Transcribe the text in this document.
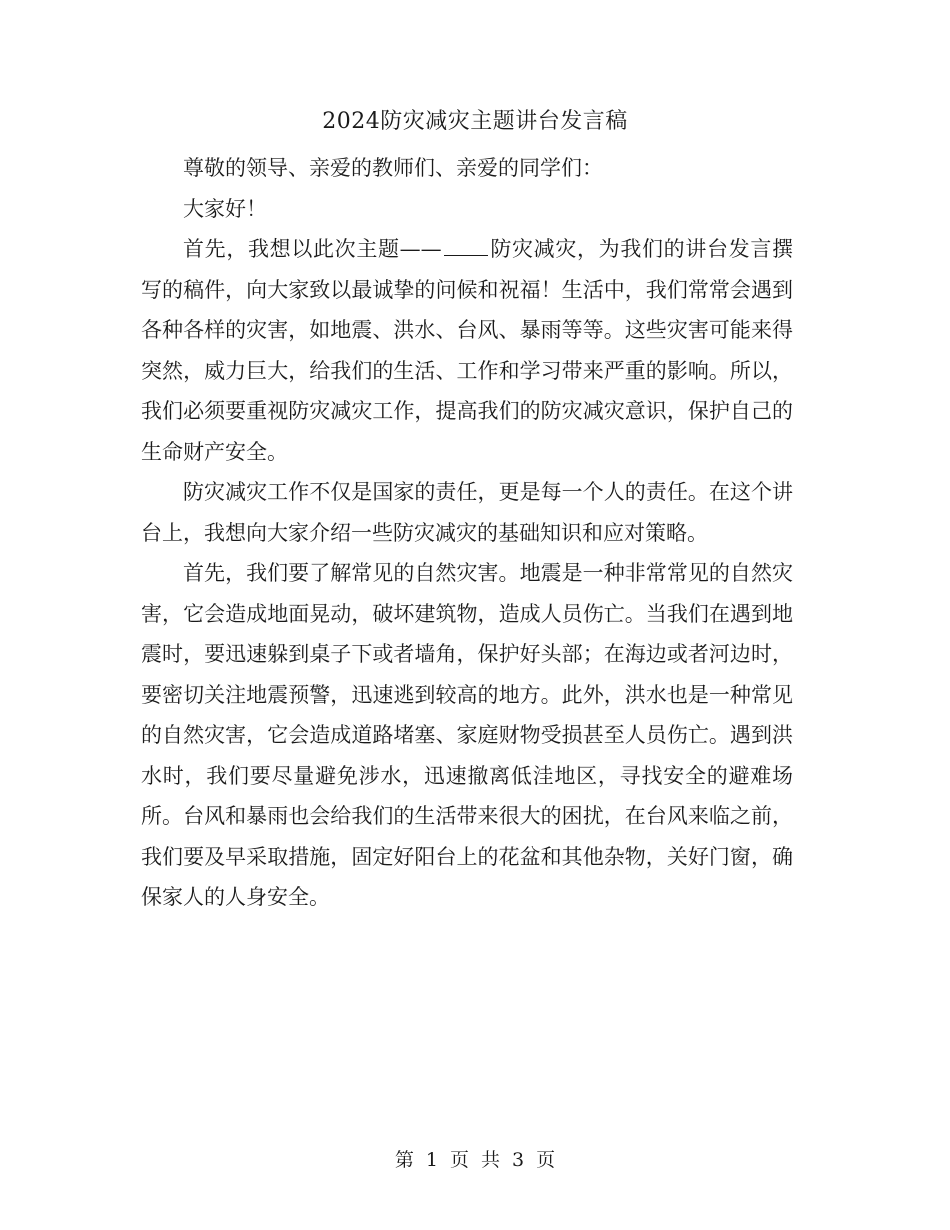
2024防灾减灾主题讲台发言稿

尊敬的领导、亲爱的教师们、亲爱的同学们：

大家好！

首先，我想以此次主题—— 防灾减灾，为我们的讲台发言撰写的稿件，向大家致以最诚挚的问候和祝福！生活中，我们常常会遇到各种各样的灾害，如地震、洪水、台风、暴雨等等。这些灾害可能来得突然，威力巨大，给我们的生活、工作和学习带来严重的影响。所以，我们必须要重视防灾减灾工作，提高我们的防灾减灾意识，保护自己的生命财产安全。

防灾减灾工作不仅是国家的责任，更是每一个人的责任。在这个讲台上，我想向大家介绍一些防灾减灾的基础知识和应对策略。

首先，我们要了解常见的自然灾害。地震是一种非常常见的自然灾害，它会造成地面晃动，破坏建筑物，造成人员伤亡。当我们在遇到地震时，要迅速躲到桌子下或者墙角，保护好头部；在海边或者河边时，要密切关注地震预警，迅速逃到较高的地方。此外，洪水也是一种常见的自然灾害，它会造成道路堵塞、家庭财物受损甚至人员伤亡。遇到洪水时，我们要尽量避免涉水，迅速撤离低洼地区，寻找安全的避难场所。台风和暴雨也会给我们的生活带来很大的困扰，在台风来临之前，我们要及早采取措施，固定好阳台上的花盆和其他杂物，关好门窗，确保家人的人身安全。

第 1 页 共 3 页
